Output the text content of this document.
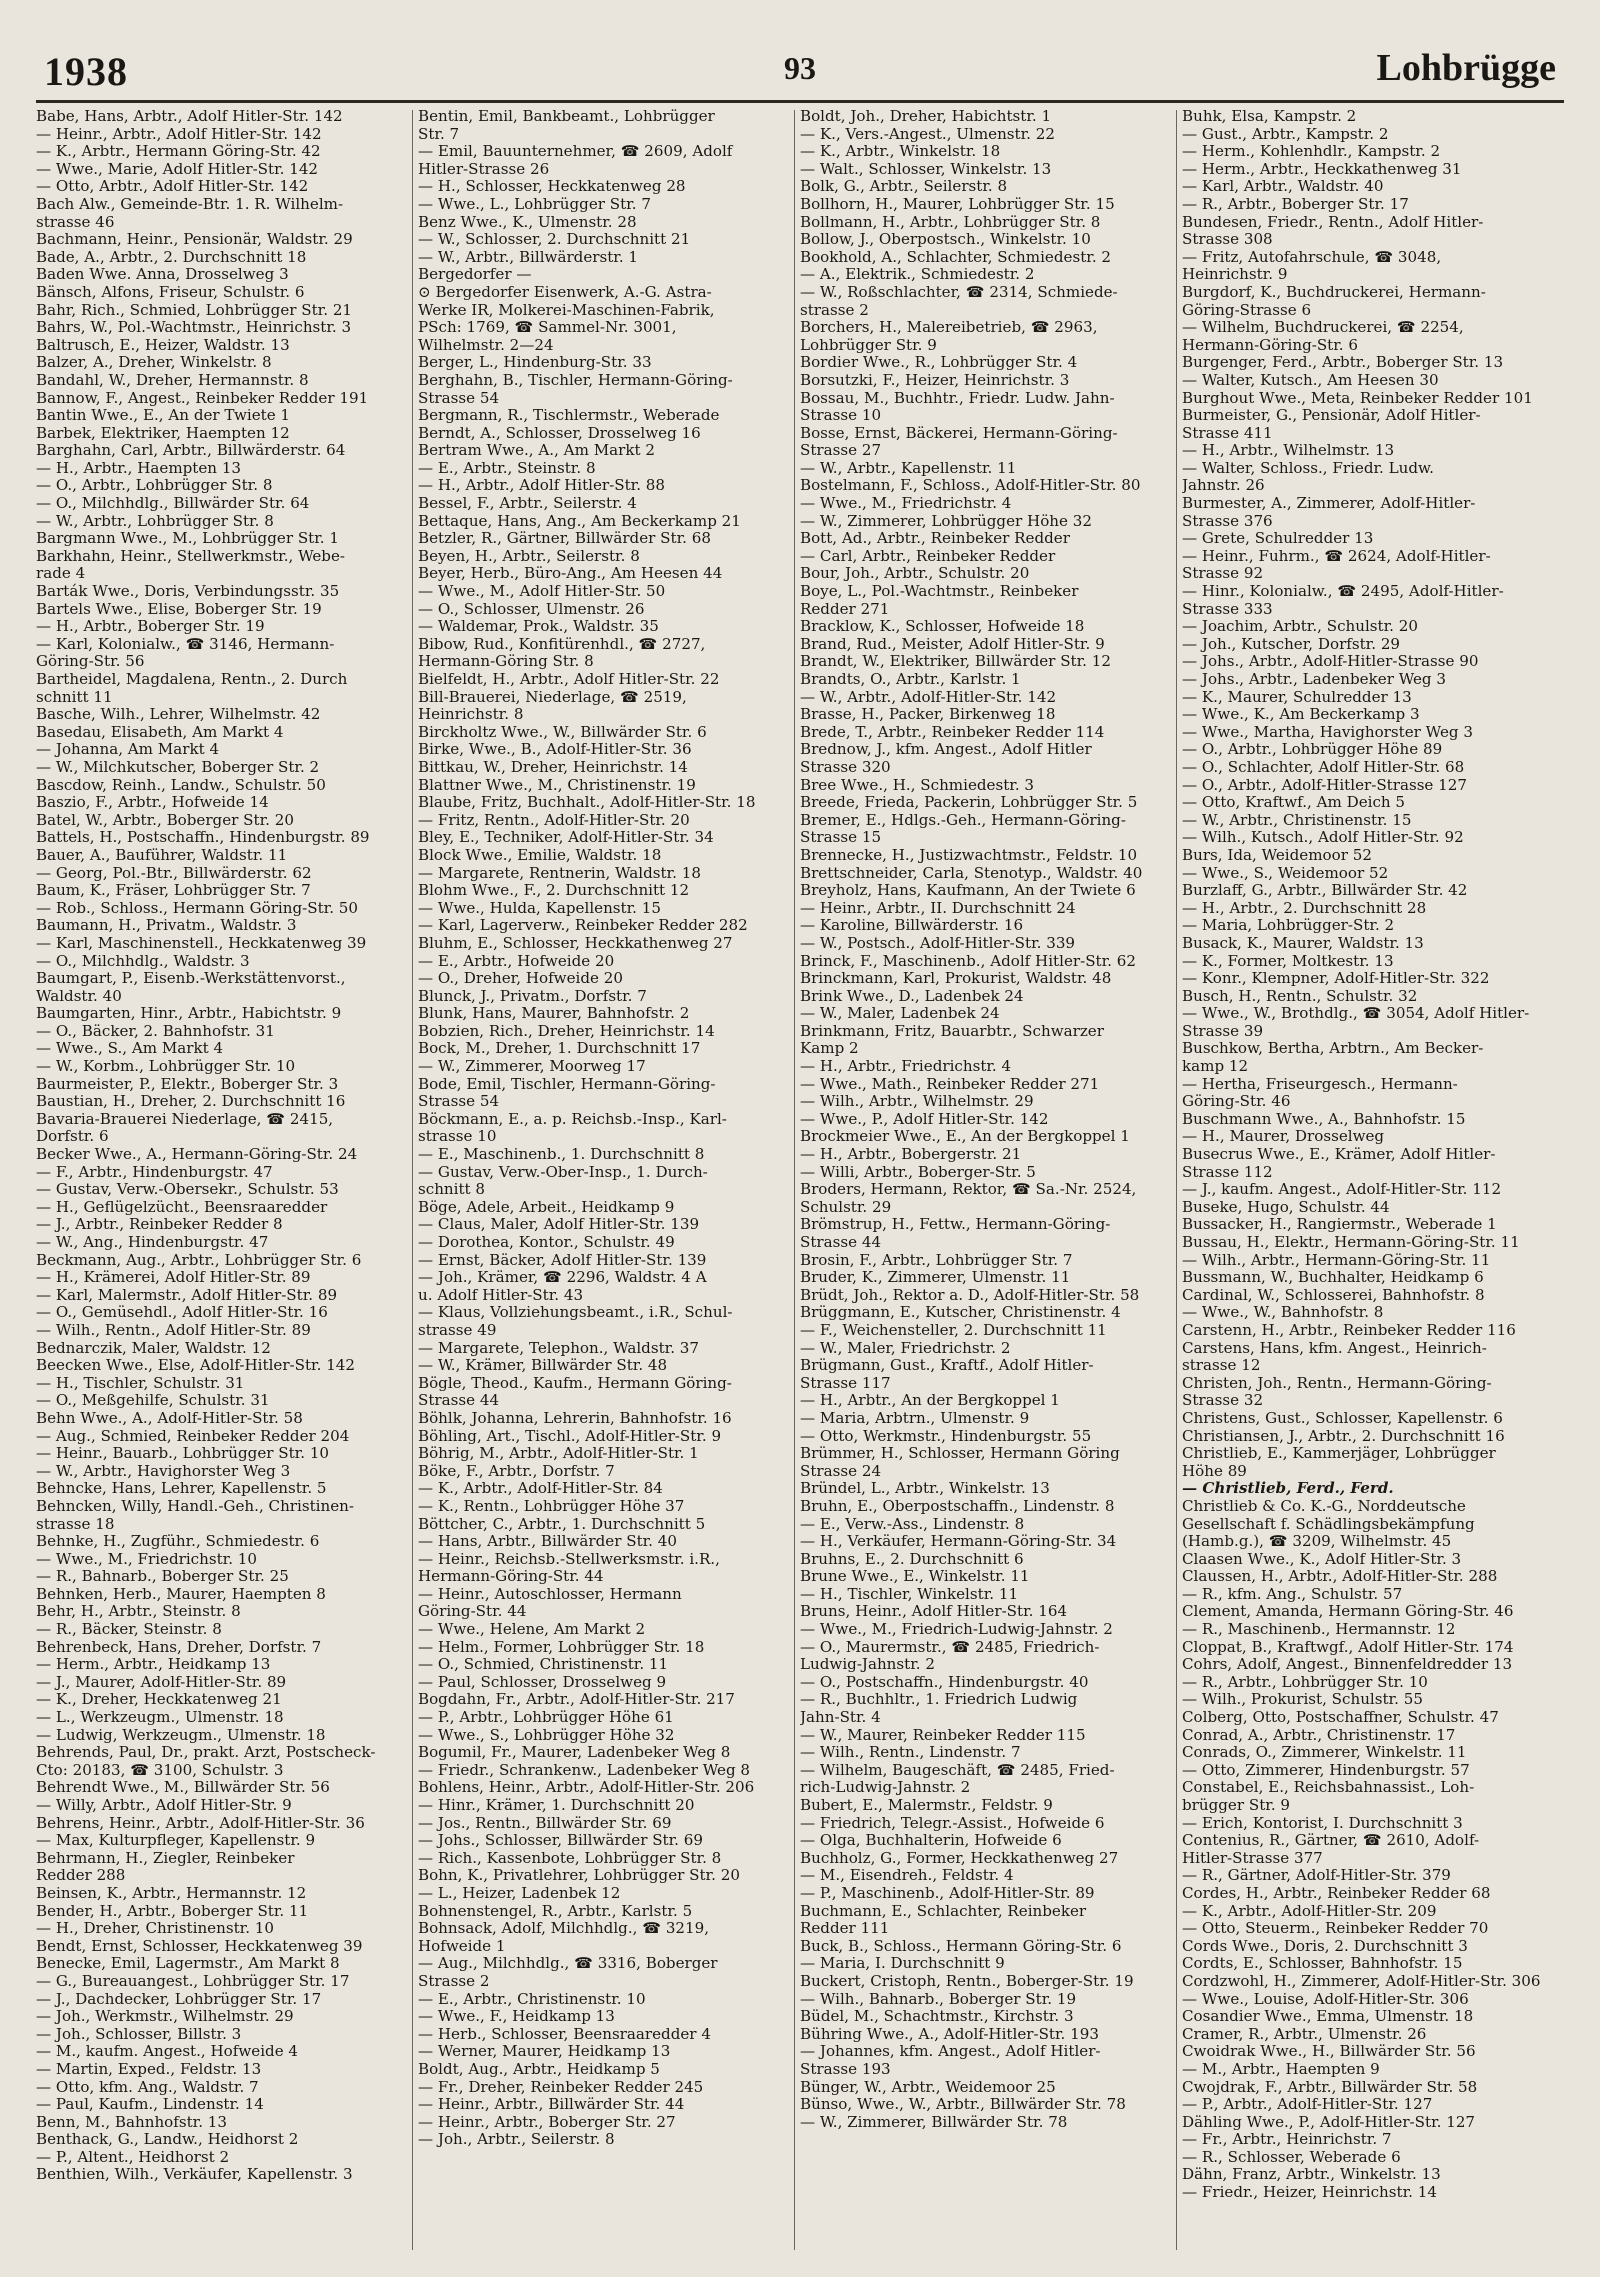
1938	93	Lohbrügge
Babe, Hans, Arbtr., Adolf Hitler-Str. 142
— Heinr., Arbtr., Adolf Hitler-Str. 142
— K., Arbtr., Hermann Göring-Str. 42
— Wwe., Marie, Adolf Hitler-Str. 142
— Otto, Arbtr., Adolf Hitler-Str. 142
Bach Alw., Gemeinde-Btr. 1. R. Wilhelm-
strasse 46
Bachmann, Heinr., Pensionär, Waldstr. 29
Bade, A., Arbtr., 2. Durchschnitt 18
Baden Wwe. Anna, Drosselweg 3
Bänsch, Alfons, Friseur, Schulstr. 6
Bahr, Rich., Schmied, Lohbrügger Str. 21
Bahrs, W., Pol.-Wachtmstr., Heinrichstr. 3
Baltrusch, E., Heizer, Waldstr. 13
Balzer, A., Dreher, Winkelstr. 8
Bandahl, W., Dreher, Hermannstr. 8
Bannow, F., Angest., Reinbeker Redder 191
Bantin Wwe., E., An der Twiete 1
Barbek, Elektriker, Haempten 12
Barghahn, Carl, Arbtr., Billwärderstr. 64
— H., Arbtr., Haempten 13
— O., Arbtr., Lohbrügger Str. 8
— O., Milchhdlg., Billwärder Str. 64
— W., Arbtr., Lohbrügger Str. 8
Bargmann Wwe., M., Lohbrügger Str. 1
Barkhahn, Heinr., Stellwerkmstr., Webe-
rade 4
Barták Wwe., Doris, Verbindungsstr. 35
Bartels Wwe., Elise, Boberger Str. 19
— H., Arbtr., Boberger Str. 19
— Karl, Kolonialw., ☎ 3146, Hermann-
Göring-Str. 56
Bartheidel, Magdalena, Rentn., 2. Durch
schnitt 11
Basche, Wilh., Lehrer, Wilhelmstr. 42
Basedau, Elisabeth, Am Markt 4
— Johanna, Am Markt 4
— W., Milchkutscher, Boberger Str. 2
Bascdow, Reinh., Landw., Schulstr. 50
Baszio, F., Arbtr., Hofweide 14
Batel, W., Arbtr., Boberger Str. 20
Battels, H., Postschaffn., Hindenburgstr. 89
Bauer, A., Bauführer, Waldstr. 11
— Georg, Pol.-Btr., Billwärderstr. 62
Baum, K., Fräser, Lohbrügger Str. 7
— Rob., Schloss., Hermann Göring-Str. 50
Baumann, H., Privatm., Waldstr. 3
— Karl, Maschinenstell., Heckkatenweg 39
— O., Milchhdlg., Waldstr. 3
Baumgart, P., Eisenb.-Werkstättenvorst.,
Waldstr. 40
Baumgarten, Hinr., Arbtr., Habichtstr. 9
— O., Bäcker, 2. Bahnhofstr. 31
— Wwe., S., Am Markt 4
— W., Korbm., Lohbrügger Str. 10
Baurmeister, P., Elektr., Boberger Str. 3
Baustian, H., Dreher, 2. Durchschnitt 16
Bavaria-Brauerei Niederlage, ☎ 2415,
Dorfstr. 6
Becker Wwe., A., Hermann-Göring-Str. 24
— F., Arbtr., Hindenburgstr. 47
— Gustav, Verw.-Obersekr., Schulstr. 53
— H., Geflügelzücht., Beensraaredder
— J., Arbtr., Reinbeker Redder 8
— W., Ang., Hindenburgstr. 47
Beckmann, Aug., Arbtr., Lohbrügger Str. 6
— H., Krämerei, Adolf Hitler-Str. 89
— Karl, Malermstr., Adolf Hitler-Str. 89
— O., Gemüsehdl., Adolf Hitler-Str. 16
— Wilh., Rentn., Adolf Hitler-Str. 89
Bednarczik, Maler, Waldstr. 12
Beecken Wwe., Else, Adolf-Hitler-Str. 142
— H., Tischler, Schulstr. 31
— O., Meßgehilfe, Schulstr. 31
Behn Wwe., A., Adolf-Hitler-Str. 58
— Aug., Schmied, Reinbeker Redder 204
— Heinr., Bauarb., Lohbrügger Str. 10
— W., Arbtr., Havighorster Weg 3
Behncke, Hans, Lehrer, Kapellenstr. 5
Behncken, Willy, Handl.-Geh., Christinen-
strasse 18
Behnke, H., Zugführ., Schmiedestr. 6
— Wwe., M., Friedrichstr. 10
— R., Bahnarb., Boberger Str. 25
Behnken, Herb., Maurer, Haempten 8
Behr, H., Arbtr., Steinstr. 8
— R., Bäcker, Steinstr. 8
Behrenbeck, Hans, Dreher, Dorfstr. 7
— Herm., Arbtr., Heidkamp 13
— J., Maurer, Adolf-Hitler-Str. 89
— K., Dreher, Heckkatenweg 21
— L., Werkzeugm., Ulmenstr. 18
— Ludwig, Werkzeugm., Ulmenstr. 18
Behrends, Paul, Dr., prakt. Arzt, Postscheck-
Cto: 20183, ☎ 3100, Schulstr. 3
Behrendt Wwe., M., Billwärder Str. 56
— Willy, Arbtr., Adolf Hitler-Str. 9
Behrens, Heinr., Arbtr., Adolf-Hitler-Str. 36
— Max, Kulturpfleger, Kapellenstr. 9
Behrmann, H., Ziegler, Reinbeker
Redder 288
Beinsen, K., Arbtr., Hermannstr. 12
Bender, H., Arbtr., Boberger Str. 11
— H., Dreher, Christinenstr. 10
Bendt, Ernst, Schlosser, Heckkatenweg 39
Benecke, Emil, Lagermstr., Am Markt 8
— G., Bureauangest., Lohbrügger Str. 17
— J., Dachdecker, Lohbrügger Str. 17
— Joh., Werkmstr., Wilhelmstr. 29
— Joh., Schlosser, Billstr. 3
— M., kaufm. Angest., Hofweide 4
— Martin, Exped., Feldstr. 13
— Otto, kfm. Ang., Waldstr. 7
— Paul, Kaufm., Lindenstr. 14
Benn, M., Bahnhofstr. 13
Benthack, G., Landw., Heidhorst 2
— P., Altent., Heidhorst 2
Benthien, Wilh., Verkäufer, Kapellenstr. 3
Bentin, Emil, Bankbeamt., Lohbrügger
Str. 7
— Emil, Bauunternehmer, ☎ 2609, Adolf
Hitler-Strasse 26
— H., Schlosser, Heckkatenweg 28
— Wwe., L., Lohbrügger Str. 7
Benz Wwe., K., Ulmenstr. 28
— W., Schlosser, 2. Durchschnitt 21
— W., Arbtr., Billwärderstr. 1
Bergedorfer —
⊙ Bergedorfer Eisenwerk, A.-G. Astra-
Werke IR, Molkerei-Maschinen-Fabrik,
PSch: 1769, ☎ Sammel-Nr. 3001,
Wilhelmstr. 2—24
Berger, L., Hindenburg-Str. 33
Berghahn, B., Tischler, Hermann-Göring-
Strasse 54
Bergmann, R., Tischlermstr., Weberade
Berndt, A., Schlosser, Drosselweg 16
Bertram Wwe., A., Am Markt 2
— E., Arbtr., Steinstr. 8
— H., Arbtr., Adolf Hitler-Str. 88
Bessel, F., Arbtr., Seilerstr. 4
Bettaque, Hans, Ang., Am Beckerkamp 21
Betzler, R., Gärtner, Billwärder Str. 68
Beyen, H., Arbtr., Seilerstr. 8
Beyer, Herb., Büro-Ang., Am Heesen 44
— Wwe., M., Adolf Hitler-Str. 50
— O., Schlosser, Ulmenstr. 26
— Waldemar, Prok., Waldstr. 35
Bibow, Rud., Konfitürenhdl., ☎ 2727,
Hermann-Göring Str. 8
Bielfeldt, H., Arbtr., Adolf Hitler-Str. 22
Bill-Brauerei, Niederlage, ☎ 2519,
Heinrichstr. 8
Birckholtz Wwe., W., Billwärder Str. 6
Birke, Wwe., B., Adolf-Hitler-Str. 36
Bittkau, W., Dreher, Heinrichstr. 14
Blattner Wwe., M., Christinenstr. 19
Blaube, Fritz, Buchhalt., Adolf-Hitler-Str. 18
— Fritz, Rentn., Adolf-Hitler-Str. 20
Bley, E., Techniker, Adolf-Hitler-Str. 34
Block Wwe., Emilie, Waldstr. 18
— Margarete, Rentnerin, Waldstr. 18
Blohm Wwe., F., 2. Durchschnitt 12
— Wwe., Hulda, Kapellenstr. 15
— Karl, Lagerverw., Reinbeker Redder 282
Bluhm, E., Schlosser, Heckkathenweg 27
— E., Arbtr., Hofweide 20
— O., Dreher, Hofweide 20
Blunck, J., Privatm., Dorfstr. 7
Blunk, Hans, Maurer, Bahnhofstr. 2
Bobzien, Rich., Dreher, Heinrichstr. 14
Bock, M., Dreher, 1. Durchschnitt 17
— W., Zimmerer, Moorweg 17
Bode, Emil, Tischler, Hermann-Göring-
Strasse 54
Böckmann, E., a. p. Reichsb.-Insp., Karl-
strasse 10
— E., Maschinenb., 1. Durchschnitt 8
— Gustav, Verw.-Ober-Insp., 1. Durch-
schnitt 8
Böge, Adele, Arbeit., Heidkamp 9
— Claus, Maler, Adolf Hitler-Str. 139
— Dorothea, Kontor., Schulstr. 49
— Ernst, Bäcker, Adolf Hitler-Str. 139
— Joh., Krämer, ☎ 2296, Waldstr. 4 A
u. Adolf Hitler-Str. 43
— Klaus, Vollziehungsbeamt., i.R., Schul-
strasse 49
— Margarete, Telephon., Waldstr. 37
— W., Krämer, Billwärder Str. 48
Bögle, Theod., Kaufm., Hermann Göring-
Strasse 44
Böhlk, Johanna, Lehrerin, Bahnhofstr. 16
Böhling, Art., Tischl., Adolf-Hitler-Str. 9
Böhrig, M., Arbtr., Adolf-Hitler-Str. 1
Böke, F., Arbtr., Dorfstr. 7
— K., Arbtr., Adolf-Hitler-Str. 84
— K., Rentn., Lohbrügger Höhe 37
Böttcher, C., Arbtr., 1. Durchschnitt 5
— Hans, Arbtr., Billwärder Str. 40
— Heinr., Reichsb.-Stellwerksmstr. i.R.,
Hermann-Göring-Str. 44
— Heinr., Autoschlosser, Hermann
Göring-Str. 44
— Wwe., Helene, Am Markt 2
— Helm., Former, Lohbrügger Str. 18
— O., Schmied, Christinenstr. 11
— Paul, Schlosser, Drosselweg 9
Bogdahn, Fr., Arbtr., Adolf-Hitler-Str. 217
— P., Arbtr., Lohbrügger Höhe 61
— Wwe., S., Lohbrügger Höhe 32
Bogumil, Fr., Maurer, Ladenbeker Weg 8
— Friedr., Schrankenw., Ladenbeker Weg 8
Bohlens, Heinr., Arbtr., Adolf-Hitler-Str. 206
— Hinr., Krämer, 1. Durchschnitt 20
— Jos., Rentn., Billwärder Str. 69
— Johs., Schlosser, Billwärder Str. 69
— Rich., Kassenbote, Lohbrügger Str. 8
Bohn, K., Privatlehrer, Lohbrügger Str. 20
— L., Heizer, Ladenbek 12
Bohnenstengel, R., Arbtr., Karlstr. 5
Bohnsack, Adolf, Milchhdlg., ☎ 3219,
Hofweide 1
— Aug., Milchhdlg., ☎ 3316, Boberger
Strasse 2
— E., Arbtr., Christinenstr. 10
— Wwe., F., Heidkamp 13
— Herb., Schlosser, Beensraaredder 4
— Werner, Maurer, Heidkamp 13
Boldt, Aug., Arbtr., Heidkamp 5
— Fr., Dreher, Reinbeker Redder 245
— Heinr., Arbtr., Billwärder Str. 44
— Heinr., Arbtr., Boberger Str. 27
— Joh., Arbtr., Seilerstr. 8
Boldt, Joh., Dreher, Habichtstr. 1
— K., Vers.-Angest., Ulmenstr. 22
— K., Arbtr., Winkelstr. 18
— Walt., Schlosser, Winkelstr. 13
Bolk, G., Arbtr., Seilerstr. 8
Bollhorn, H., Maurer, Lohbrügger Str. 15
Bollmann, H., Arbtr., Lohbrügger Str. 8
Bollow, J., Oberpostsch., Winkelstr. 10
Bookhold, A., Schlachter, Schmiedestr. 2
— A., Elektrik., Schmiedestr. 2
— W., Roßschlachter, ☎ 2314, Schmiede-
strasse 2
Borchers, H., Malereibetrieb, ☎ 2963,
Lohbrügger Str. 9
Bordier Wwe., R., Lohbrügger Str. 4
Borsutzki, F., Heizer, Heinrichstr. 3
Bossau, M., Buchhtr., Friedr. Ludw. Jahn-
Strasse 10
Bosse, Ernst, Bäckerei, Hermann-Göring-
Strasse 27
— W., Arbtr., Kapellenstr. 11
Bostelmann, F., Schloss., Adolf-Hitler-Str. 80
— Wwe., M., Friedrichstr. 4
— W., Zimmerer, Lohbrügger Höhe 32
Bott, Ad., Arbtr., Reinbeker Redder
— Carl, Arbtr., Reinbeker Redder
Bour, Joh., Arbtr., Schulstr. 20
Boye, L., Pol.-Wachtmstr., Reinbeker
Redder 271
Bracklow, K., Schlosser, Hofweide 18
Brand, Rud., Meister, Adolf Hitler-Str. 9
Brandt, W., Elektriker, Billwärder Str. 12
Brandts, O., Arbtr., Karlstr. 1
— W., Arbtr., Adolf-Hitler-Str. 142
Brasse, H., Packer, Birkenweg 18
Brede, T., Arbtr., Reinbeker Redder 114
Brednow, J., kfm. Angest., Adolf Hitler
Strasse 320
Bree Wwe., H., Schmiedestr. 3
Breede, Frieda, Packerin, Lohbrügger Str. 5
Bremer, E., Hdlgs.-Geh., Hermann-Göring-
Strasse 15
Brennecke, H., Justizwachtmstr., Feldstr. 10
Brettschneider, Carla, Stenotyp., Waldstr. 40
Breyholz, Hans, Kaufmann, An der Twiete 6
— Heinr., Arbtr., II. Durchschnitt 24
— Karoline, Billwärderstr. 16
— W., Postsch., Adolf-Hitler-Str. 339
Brinck, F., Maschinenb., Adolf Hitler-Str. 62
Brinckmann, Karl, Prokurist, Waldstr. 48
Brink Wwe., D., Ladenbek 24
— W., Maler, Ladenbek 24
Brinkmann, Fritz, Bauarbtr., Schwarzer
Kamp 2
— H., Arbtr., Friedrichstr. 4
— Wwe., Math., Reinbeker Redder 271
— Wilh., Arbtr., Wilhelmstr. 29
— Wwe., P., Adolf Hitler-Str. 142
Brockmeier Wwe., E., An der Bergkoppel 1
— H., Arbtr., Bobergerstr. 21
— Willi, Arbtr., Boberger-Str. 5
Broders, Hermann, Rektor, ☎ Sa.-Nr. 2524,
Schulstr. 29
Brömstrup, H., Fettw., Hermann-Göring-
Strasse 44
Brosin, F., Arbtr., Lohbrügger Str. 7
Bruder, K., Zimmerer, Ulmenstr. 11
Brüdt, Joh., Rektor a. D., Adolf-Hitler-Str. 58
Brüggmann, E., Kutscher, Christinenstr. 4
— F., Weichensteller, 2. Durchschnitt 11
— W., Maler, Friedrichstr. 2
Brügmann, Gust., Kraftf., Adolf Hitler-
Strasse 117
— H., Arbtr., An der Bergkoppel 1
— Maria, Arbtrn., Ulmenstr. 9
— Otto, Werkmstr., Hindenburgstr. 55
Brümmer, H., Schlosser, Hermann Göring
Strasse 24
Bründel, L., Arbtr., Winkelstr. 13
Bruhn, E., Oberpostschaffn., Lindenstr. 8
— E., Verw.-Ass., Lindenstr. 8
— H., Verkäufer, Hermann-Göring-Str. 34
Bruhns, E., 2. Durchschnitt 6
Brune Wwe., E., Winkelstr. 11
— H., Tischler, Winkelstr. 11
Bruns, Heinr., Adolf Hitler-Str. 164
— Wwe., M., Friedrich-Ludwig-Jahnstr. 2
— O., Maurermstr., ☎ 2485, Friedrich-
Ludwig-Jahnstr. 2
— O., Postschaffn., Hindenburgstr. 40
— R., Buchhltr., 1. Friedrich Ludwig
Jahn-Str. 4
— W., Maurer, Reinbeker Redder 115
— Wilh., Rentn., Lindenstr. 7
— Wilhelm, Baugeschäft, ☎ 2485, Fried-
rich-Ludwig-Jahnstr. 2
Bubert, E., Malermstr., Feldstr. 9
— Friedrich, Telegr.-Assist., Hofweide 6
— Olga, Buchhalterin, Hofweide 6
Buchholz, G., Former, Heckkathenweg 27
— M., Eisendreh., Feldstr. 4
— P., Maschinenb., Adolf-Hitler-Str. 89
Buchmann, E., Schlachter, Reinbeker
Redder 111
Buck, B., Schloss., Hermann Göring-Str. 6
— Maria, I. Durchschnitt 9
Buckert, Cristoph, Rentn., Boberger-Str. 19
— Wilh., Bahnarb., Boberger Str. 19
Büdel, M., Schachtmstr., Kirchstr. 3
Bühring Wwe., A., Adolf-Hitler-Str. 193
— Johannes, kfm. Angest., Adolf Hitler-
Strasse 193
Bünger, W., Arbtr., Weidemoor 25
Bünso, Wwe., W., Arbtr., Billwärder Str. 78
— W., Zimmerer, Billwärder Str. 78
Buhk, Elsa, Kampstr. 2
— Gust., Arbtr., Kampstr. 2
— Herm., Kohlenhdlr., Kampstr. 2
— Herm., Arbtr., Heckkathenweg 31
— Karl, Arbtr., Waldstr. 40
— R., Arbtr., Boberger Str. 17
Bundesen, Friedr., Rentn., Adolf Hitler-
Strasse 308
— Fritz, Autofahrschule, ☎ 3048,
Heinrichstr. 9
Burgdorf, K., Buchdruckerei, Hermann-
Göring-Strasse 6
— Wilhelm, Buchdruckerei, ☎ 2254,
Hermann-Göring-Str. 6
Burgenger, Ferd., Arbtr., Boberger Str. 13
— Walter, Kutsch., Am Heesen 30
Burghout Wwe., Meta, Reinbeker Redder 101
Burmeister, G., Pensionär, Adolf Hitler-
Strasse 411
— H., Arbtr., Wilhelmstr. 13
— Walter, Schloss., Friedr. Ludw.
Jahnstr. 26
Burmester, A., Zimmerer, Adolf-Hitler-
Strasse 376
— Grete, Schulredder 13
— Heinr., Fuhrm., ☎ 2624, Adolf-Hitler-
Strasse 92
— Hinr., Kolonialw., ☎ 2495, Adolf-Hitler-
Strasse 333
— Joachim, Arbtr., Schulstr. 20
— Joh., Kutscher, Dorfstr. 29
— Johs., Arbtr., Adolf-Hitler-Strasse 90
— Johs., Arbtr., Ladenbeker Weg 3
— K., Maurer, Schulredder 13
— Wwe., K., Am Beckerkamp 3
— Wwe., Martha, Havighorster Weg 3
— O., Arbtr., Lohbrügger Höhe 89
— O., Schlachter, Adolf Hitler-Str. 68
— O., Arbtr., Adolf-Hitler-Strasse 127
— Otto, Kraftwf., Am Deich 5
— W., Arbtr., Christinenstr. 15
— Wilh., Kutsch., Adolf Hitler-Str. 92
Burs, Ida, Weidemoor 52
— Wwe., S., Weidemoor 52
Burzlaff, G., Arbtr., Billwärder Str. 42
— H., Arbtr., 2. Durchschnitt 28
— Maria, Lohbrügger-Str. 2
Busack, K., Maurer, Waldstr. 13
— K., Former, Moltkestr. 13
— Konr., Klempner, Adolf-Hitler-Str. 322
Busch, H., Rentn., Schulstr. 32
— Wwe., W., Brothdlg., ☎ 3054, Adolf Hitler-
Strasse 39
Buschkow, Bertha, Arbtrn., Am Becker-
kamp 12
— Hertha, Friseurgesch., Hermann-
Göring-Str. 46
Buschmann Wwe., A., Bahnhofstr. 15
— H., Maurer, Drosselweg
Busecrus Wwe., E., Krämer, Adolf Hitler-
Strasse 112
— J., kaufm. Angest., Adolf-Hitler-Str. 112
Buseke, Hugo, Schulstr. 44
Bussacker, H., Rangiermstr., Weberade 1
Bussau, H., Elektr., Hermann-Göring-Str. 11
— Wilh., Arbtr., Hermann-Göring-Str. 11
Bussmann, W., Buchhalter, Heidkamp 6
Cardinal, W., Schlosserei, Bahnhofstr. 8
— Wwe., W., Bahnhofstr. 8
Carstenn, H., Arbtr., Reinbeker Redder 116
Carstens, Hans, kfm. Angest., Heinrich-
strasse 12
Christen, Joh., Rentn., Hermann-Göring-
Strasse 32
Christens, Gust., Schlosser, Kapellenstr. 6
Christiansen, J., Arbtr., 2. Durchschnitt 16
Christlieb, E., Kammerjäger, Lohbrügger
Höhe 89
— Christlieb, Ferd., Ferd.
Christlieb & Co. K.-G., Norddeutsche
Gesellschaft f. Schädlingsbekämpfung
(Hamb.g.), ☎ 3209, Wilhelmstr. 45
Claasen Wwe., K., Adolf Hitler-Str. 3
Claussen, H., Arbtr., Adolf-Hitler-Str. 288
— R., kfm. Ang., Schulstr. 57
Clement, Amanda, Hermann Göring-Str. 46
— R., Maschinenb., Hermannstr. 12
Cloppat, B., Kraftwgf., Adolf Hitler-Str. 174
Cohrs, Adolf, Angest., Binnenfeldredder 13
— R., Arbtr., Lohbrügger Str. 10
— Wilh., Prokurist, Schulstr. 55
Colberg, Otto, Postschaffner, Schulstr. 47
Conrad, A., Arbtr., Christinenstr. 17
Conrads, O., Zimmerer, Winkelstr. 11
— Otto, Zimmerer, Hindenburgstr. 57
Constabel, E., Reichsbahnassist., Loh-
brügger Str. 9
— Erich, Kontorist, I. Durchschnitt 3
Contenius, R., Gärtner, ☎ 2610, Adolf-
Hitler-Strasse 377
— R., Gärtner, Adolf-Hitler-Str. 379
Cordes, H., Arbtr., Reinbeker Redder 68
— K., Arbtr., Adolf-Hitler-Str. 209
— Otto, Steuerm., Reinbeker Redder 70
Cords Wwe., Doris, 2. Durchschnitt 3
Cordts, E., Schlosser, Bahnhofstr. 15
Cordzwohl, H., Zimmerer, Adolf-Hitler-Str. 306
— Wwe., Louise, Adolf-Hitler-Str. 306
Cosandier Wwe., Emma, Ulmenstr. 18
Cramer, R., Arbtr., Ulmenstr. 26
Cwoidrak Wwe., H., Billwärder Str. 56
— M., Arbtr., Haempten 9
Cwojdrak, F., Arbtr., Billwärder Str. 58
— P., Arbtr., Adolf-Hitler-Str. 127
Dähling Wwe., P., Adolf-Hitler-Str. 127
— Fr., Arbtr., Heinrichstr. 7
— R., Schlosser, Weberade 6
Dähn, Franz, Arbtr., Winkelstr. 13
— Friedr., Heizer, Heinrichstr. 14
